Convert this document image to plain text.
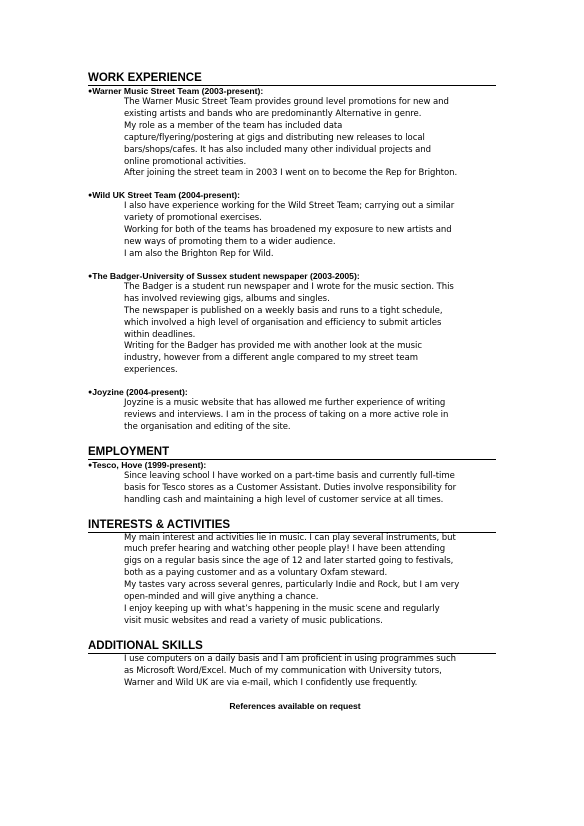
WORK EXPERIENCE
●Warner Music Street Team (2003-present):
The Warner Music Street Team provides ground level promotions for new and
existing artists and bands who are predominantly Alternative in genre.
My role as a member of the team has included data
capture/flyering/postering at gigs and distributing new releases to local
bars/shops/cafes. It has also included many other individual projects and
online promotional activities.
After joining the street team in 2003 I went on to become the Rep for Brighton.
●Wild UK Street Team (2004-present):
I also have experience working for the Wild Street Team; carrying out a similar
variety of promotional exercises.
Working for both of the teams has broadened my exposure to new artists and
new ways of promoting them to a wider audience.
I am also the Brighton Rep for Wild.
●The Badger-University of Sussex student newspaper (2003-2005):
The Badger is a student run newspaper and I wrote for the music section. This
has involved reviewing gigs, albums and singles.
The newspaper is published on a weekly basis and runs to a tight schedule,
which involved a high level of organisation and efficiency to submit articles
within deadlines.
Writing for the Badger has provided me with another look at the music
industry, however from a different angle compared to my street team
experiences.
●Joyzine (2004-present):
Joyzine is a music website that has allowed me further experience of writing
reviews and interviews. I am in the process of taking on a more active role in
the organisation and editing of the site.
EMPLOYMENT
●Tesco, Hove (1999-present):
Since leaving school I have worked on a part-time basis and currently full-time
basis for Tesco stores as a Customer Assistant. Duties involve responsibility for
handling cash and maintaining a high level of customer service at all times.
INTERESTS & ACTIVITIES
My main interest and activities lie in music. I can play several instruments, but
much prefer hearing and watching other people play! I have been attending
gigs on a regular basis since the age of 12 and later started going to festivals,
both as a paying customer and as a voluntary Oxfam steward.
My tastes vary across several genres, particularly Indie and Rock, but I am very
open-minded and will give anything a chance.
I enjoy keeping up with what’s happening in the music scene and regularly
visit music websites and read a variety of music publications.
ADDITIONAL SKILLS
I use computers on a daily basis and I am proficient in using programmes such
as Microsoft Word/Excel. Much of my communication with University tutors,
Warner and Wild UK are via e-mail, which I confidently use frequently.
References available on request
